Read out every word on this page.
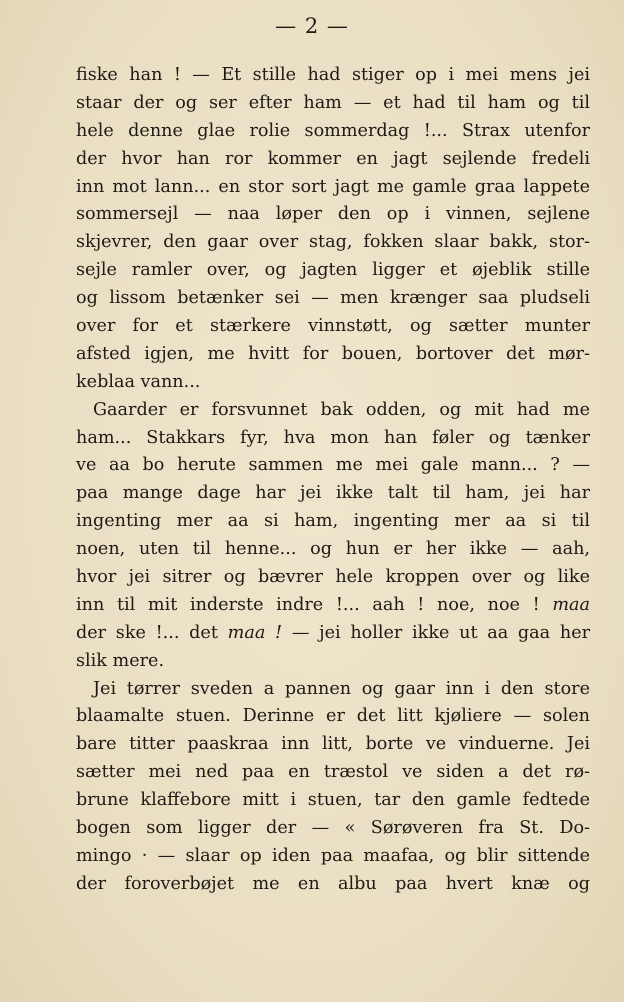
— 2 —
fiske han ! — Et stille had stiger op i mei mens jei
staar der og ser efter ham — et had til ham og til
hele denne glae rolie sommerdag !... Strax utenfor
der hvor han ror kommer en jagt sejlende fredeli
inn mot lann... en stor sort jagt me gamle graa lappete
sommersejl — naa løper den op i vinnen, sejlene
skjevrer, den gaar over stag, fokken slaar bakk, stor-
sejle ramler over, og jagten ligger et øjeblik stille
og lissom betænker sei — men krænger saa pludseli
over for et stærkere vinnstøtt, og sætter munter
afsted igjen, me hvitt for bouen, bortover det mør-
keblaa vann...
Gaarder er forsvunnet bak odden, og mit had me
ham... Stakkars fyr, hva mon han føler og tænker
ve aa bo herute sammen me mei gale mann... ? —
paa mange dage har jei ikke talt til ham, jei har
ingenting mer aa si ham, ingenting mer aa si til
noen, uten til henne... og hun er her ikke — aah,
hvor jei sitrer og bævrer hele kroppen over og like
inn til mit inderste indre !... aah ! noe, noe ! maa
der ske !... det maa ! — jei holler ikke ut aa gaa her
slik mere.
Jei tørrer sveden a pannen og gaar inn i den store
blaamalte stuen. Derinne er det litt kjøliere — solen
bare titter paaskraa inn litt, borte ve vinduerne. Jei
sætter mei ned paa en træstol ve siden a det rø-
brune klaffebore mitt i stuen, tar den gamle fedtede
bogen som ligger der — « Sørøveren fra St. Do-
mingo · — slaar op iden paa maafaa, og blir sittende
der foroverbøjet me en albu paa hvert knæ og
